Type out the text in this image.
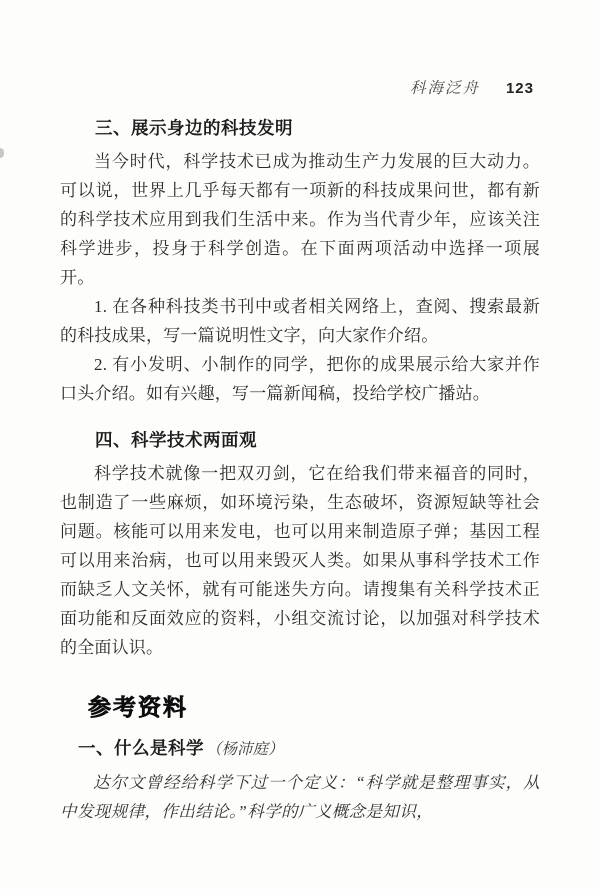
科海泛舟 123
三、展示身边的科技发明

当今时代，科学技术已成为推动生产力发展的巨大动力。可以说，世界上几乎每天都有一项新的科技成果问世，都有新的科学技术应用到我们生活中来。作为当代青少年，应该关注科学进步，投身于科学创造。在下面两项活动中选择一项展开。

1. 在各种科技类书刊中或者相关网络上，查阅、搜索最新的科技成果，写一篇说明性文字，向大家作介绍。

2. 有小发明、小制作的同学，把你的成果展示给大家并作口头介绍。如有兴趣，写一篇新闻稿，投给学校广播站。

四、科学技术两面观

科学技术就像一把双刃剑，它在给我们带来福音的同时，也制造了一些麻烦，如环境污染，生态破坏，资源短缺等社会问题。核能可以用来发电，也可以用来制造原子弹；基因工程可以用来治病，也可以用来毁灭人类。如果从事科学技术工作而缺乏人文关怀，就有可能迷失方向。请搜集有关科学技术正面功能和反面效应的资料，小组交流讨论，以加强对科学技术的全面认识。

参考资料
一、什么是科学 （杨沛庭）

达尔文曾经给科学下过一个定义：“科学就是整理事实，从中发现规律，作出结论。”科学的广义概念是知识，
